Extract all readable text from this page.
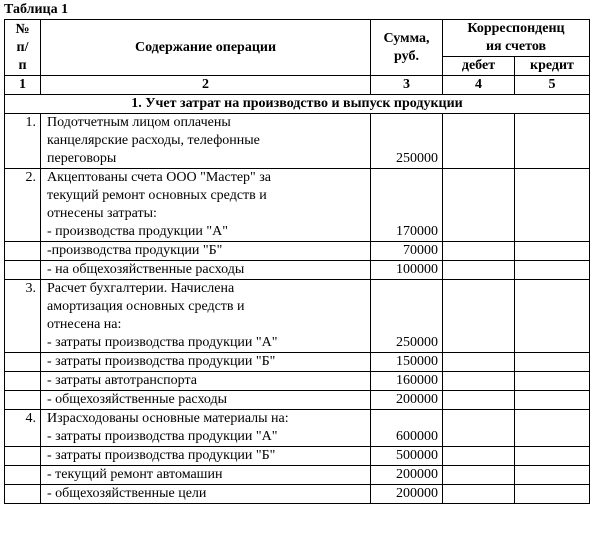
Таблица 1
№
п/
п	Содержание операции	Сумма,
руб.	Корреспонденц
ия счетов	

			дебет	кредит
1	2	3	4	5
1. Учет затрат на производство и выпуск продукции				
1.	Подотчетным лицом оплачены
канцелярские расходы, телефонные
переговоры	250000		
2.	Акцептованы счета ООО "Мастер" за
текущий ремонт основных средств и
отнесены затраты:
- производства продукции "А"	170000		

	-производства продукции "Б"	70000		

	- на общехозяйственные расходы	100000		
3.	Расчет бухгалтерии. Начислена
амортизация основных средств и
отнесена на:
- затраты производства продукции "А"	250000		

	- затраты производства продукции "Б"	150000		

	- затраты автотранспорта	160000		

	- общехозяйственные расходы	200000		
4.	Израсходованы основные материалы на:
- затраты производства продукции "А"	600000		

	- затраты производства продукции "Б"	500000		

	- текущий ремонт автомашин	200000		

	- общехозяйственные цели	200000		
